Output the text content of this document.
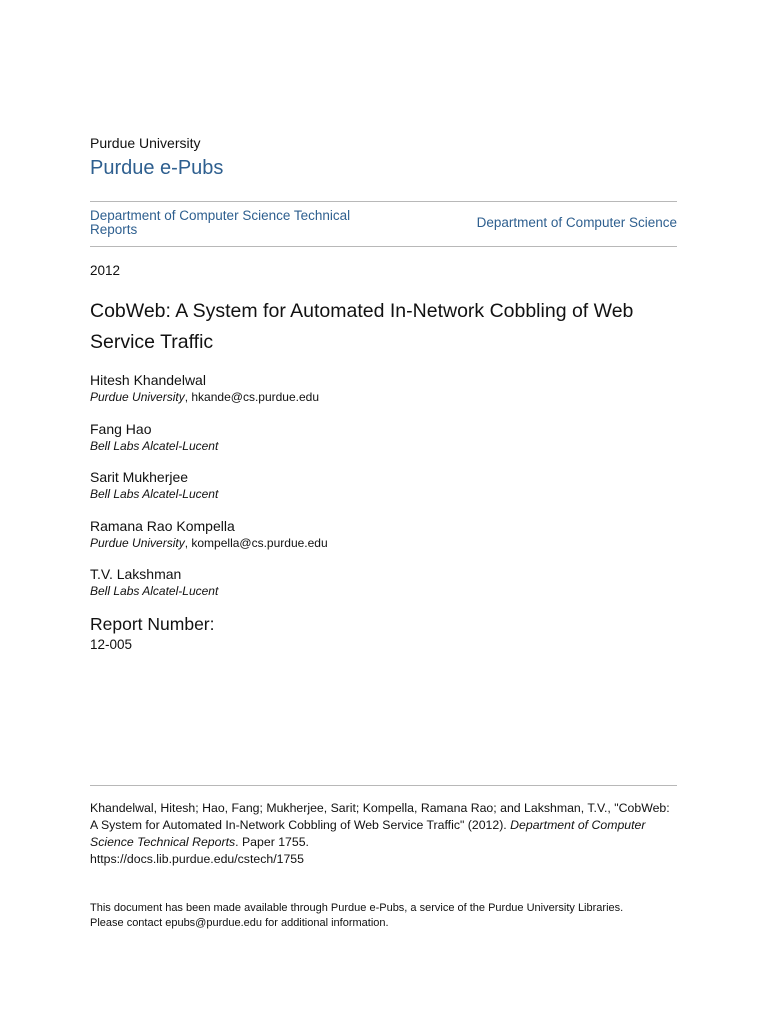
Purdue University
Purdue e-Pubs
Department of Computer Science Technical Reports	Department of Computer Science
2012
CobWeb: A System for Automated In-Network Cobbling of Web Service Traffic
Hitesh Khandelwal
Purdue University, hkande@cs.purdue.edu
Fang Hao
Bell Labs Alcatel-Lucent
Sarit Mukherjee
Bell Labs Alcatel-Lucent
Ramana Rao Kompella
Purdue University, kompella@cs.purdue.edu
T.V. Lakshman
Bell Labs Alcatel-Lucent
Report Number:
12-005
Khandelwal, Hitesh; Hao, Fang; Mukherjee, Sarit; Kompella, Ramana Rao; and Lakshman, T.V., "CobWeb: A System for Automated In-Network Cobbling of Web Service Traffic" (2012). Department of Computer Science Technical Reports. Paper 1755.
https://docs.lib.purdue.edu/cstech/1755
This document has been made available through Purdue e-Pubs, a service of the Purdue University Libraries.
Please contact epubs@purdue.edu for additional information.
